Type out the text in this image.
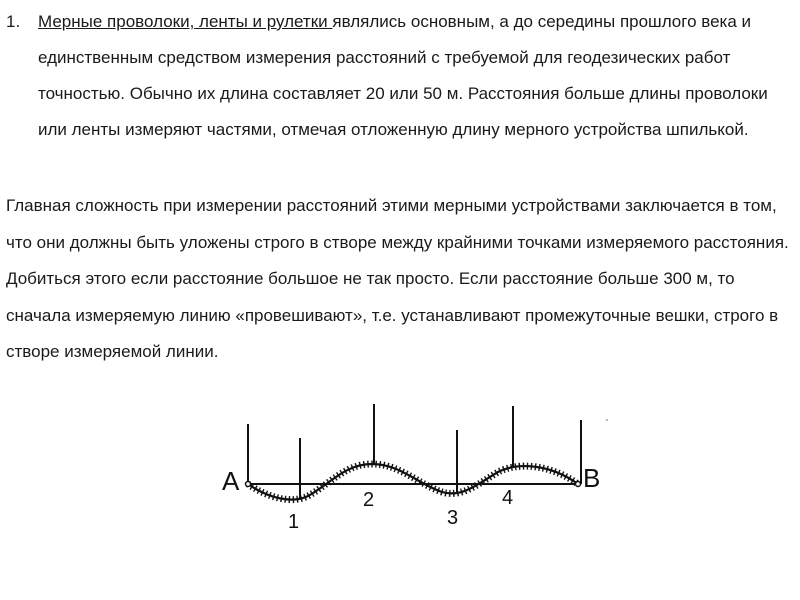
1.	Мерные проволоки, ленты и рулетки являлись основным, а до середины прошлого века и единственным средством измерения расстояний с требуемой для геодезических работ точностью. Обычно их длина составляет 20 или 50 м. Расстояния больше длины проволоки или ленты измеряют частями, отмечая отложенную длину мерного устройства шпилькой.
Главная сложность при измерении расстояний этими мерными устройствами заключается в том, что они должны быть уложены строго в створе между крайними точками измеряемого расстояния. Добиться этого если расстояние большое не так просто. Если расстояние больше 300 м, то сначала измеряемую линию «провешивают», т.е. устанавливают промежуточные вешки, строго в створе измеряемой линии.
A	B
1
2
3
4
